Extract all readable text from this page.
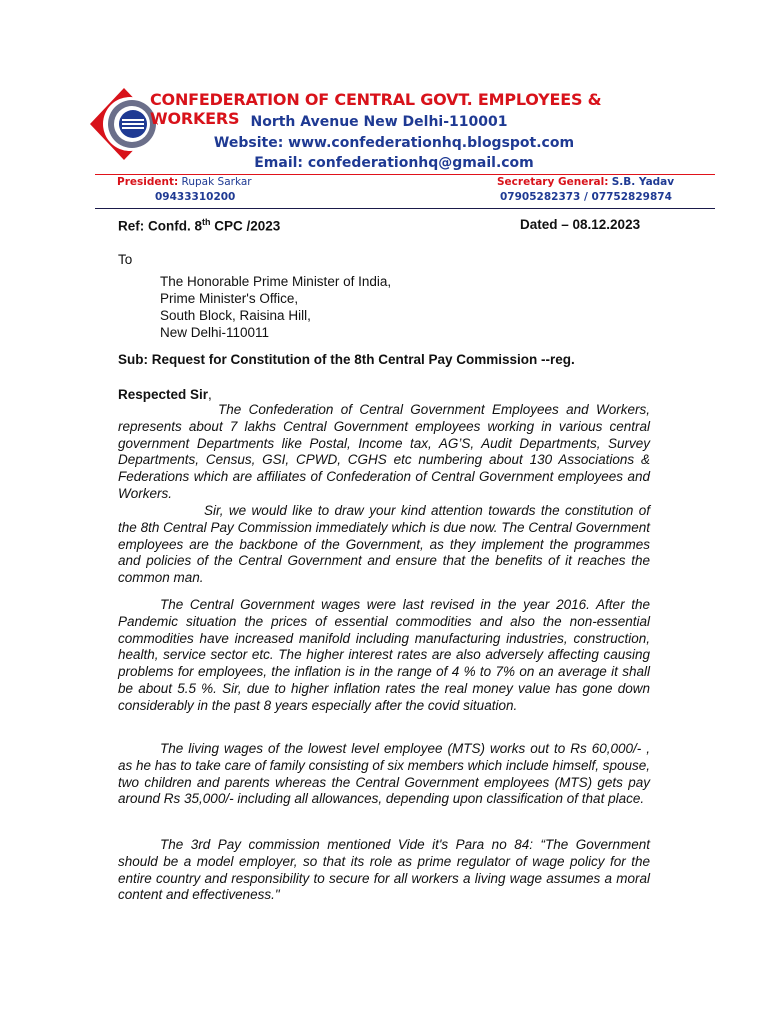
CONFEDERATION OF CENTRAL GOVT. EMPLOYEES & WORKERS North Avenue New Delhi-110001
Website: www.confederationhq.blogspot.com
Email: confederationhq@gmail.com
President: Rupak Sarkar
09433310200
Secretary General: S.B. Yadav
07905282373 / 07752829874
Ref: Confd. 8th CPC /2023	Dated – 08.12.2023
To
The Honorable Prime Minister of India,
Prime Minister's Office,
South Block, Raisina Hill,
New Delhi-110011
Sub: Request for Constitution of the 8th Central Pay Commission --reg.
Respected Sir,
The Confederation of Central Government Employees and Workers, represents about 7 lakhs Central Government employees working in various central government Departments like Postal, Income tax, AG’S, Audit Departments, Survey Departments, Census, GSI, CPWD, CGHS etc numbering about 130 Associations & Federations which are affiliates of Confederation of Central Government employees and Workers.
Sir, we would like to draw your kind attention towards the constitution of the 8th Central Pay Commission immediately which is due now. The Central Government employees are the backbone of the Government, as they implement the programmes and policies of the Central Government and ensure that the benefits of it reaches the common man.
The Central Government wages were last revised in the year 2016. After the Pandemic situation the prices of essential commodities and also the non-essential commodities have increased manifold including manufacturing industries, construction, health, service sector etc. The higher interest rates are also adversely affecting causing problems for employees, the inflation is in the range of 4 % to 7% on an average it shall be about 5.5 %. Sir, due to higher inflation rates the real money value has gone down considerably in the past 8 years especially after the covid situation.
The living wages of the lowest level employee (MTS) works out to Rs 60,000/- , as he has to take care of family consisting of six members which include himself, spouse, two children and parents whereas the Central Government employees (MTS) gets pay around Rs 35,000/- including all allowances, depending upon classification of that place.
The 3rd Pay commission mentioned Vide it's Para no 84: “The Government should be a model employer, so that its role as prime regulator of wage policy for the entire country and responsibility to secure for all workers a living wage assumes a moral content and effectiveness."
